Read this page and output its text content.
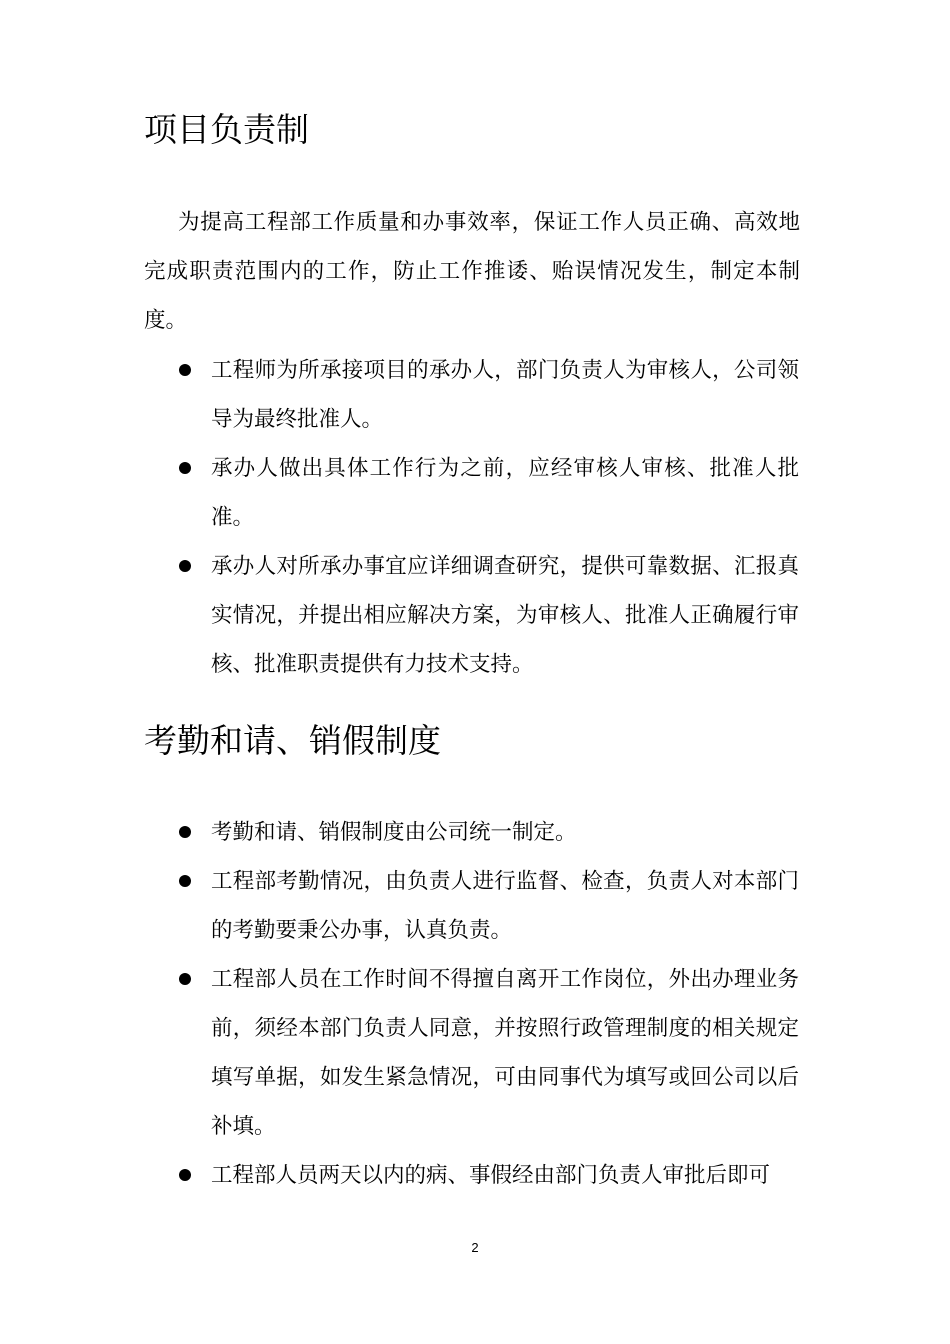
项目负责制

为提高工程部工作质量和办事效率，保证工作人员正确、高效地完成职责范围内的工作，防止工作推诿、贻误情况发生，制定本制度。

工程师为所承接项目的承办人，部门负责人为审核人，公司领导为最终批准人。
承办人做出具体工作行为之前，应经审核人审核、批准人批准。
承办人对所承办事宜应详细调查研究，提供可靠数据、汇报真实情况，并提出相应解决方案，为审核人、批准人正确履行审核、批准职责提供有力技术支持。
考勤和请、销假制度
考勤和请、销假制度由公司统一制定。
工程部考勤情况，由负责人进行监督、检查，负责人对本部门的考勤要秉公办事，认真负责。
工程部人员在工作时间不得擅自离开工作岗位，外出办理业务前，须经本部门负责人同意，并按照行政管理制度的相关规定填写单据，如发生紧急情况，可由同事代为填写或回公司以后补填。
工程部人员两天以内的病、事假经由部门负责人审批后即可
2
